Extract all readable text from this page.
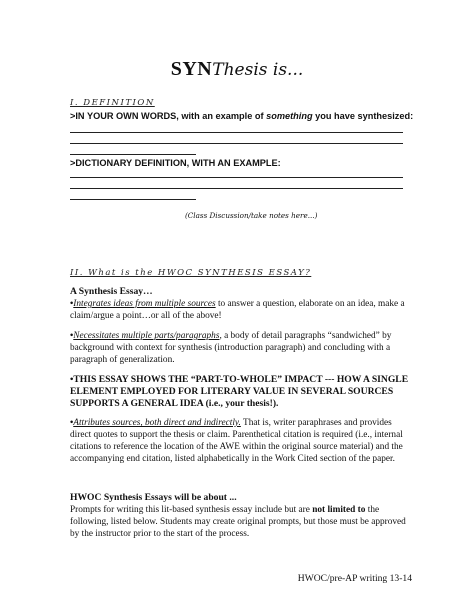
SYNThesis is...
I. DEFINITION
>IN YOUR OWN WORDS, with an example of something you have synthesized:
>DICTIONARY DEFINITION, WITH AN EXAMPLE:
(Class Discussion/take notes here...)
II. What is the HWOC SYNTHESIS ESSAY?
A Synthesis Essay…
•Integrates ideas from multiple sources to answer a question, elaborate on an idea, make a claim/argue a point…or all of the above!
•Necessitates multiple parts/paragraphs, a body of detail paragraphs “sandwiched” by background with context for synthesis (introduction paragraph) and concluding with a paragraph of generalization.
•THIS ESSAY SHOWS THE “PART-TO-WHOLE” IMPACT --- HOW A SINGLE ELEMENT EMPLOYED FOR LITERARY VALUE IN SEVERAL SOURCES SUPPORTS A GENERAL IDEA (i.e., your thesis!).
•Attributes sources, both direct and indirectly. That is, writer paraphrases and provides direct quotes to support the thesis or claim. Parenthetical citation is required (i.e., internal citations to reference the location of the AWE within the original source material) and the accompanying end citation, listed alphabetically in the Work Cited section of the paper.
HWOC Synthesis Essays will be about ...
Prompts for writing this lit-based synthesis essay include but are not limited to the following, listed below. Students may create original prompts, but those must be approved by the instructor prior to the start of the process.
HWOC/pre-AP writing 13-14
